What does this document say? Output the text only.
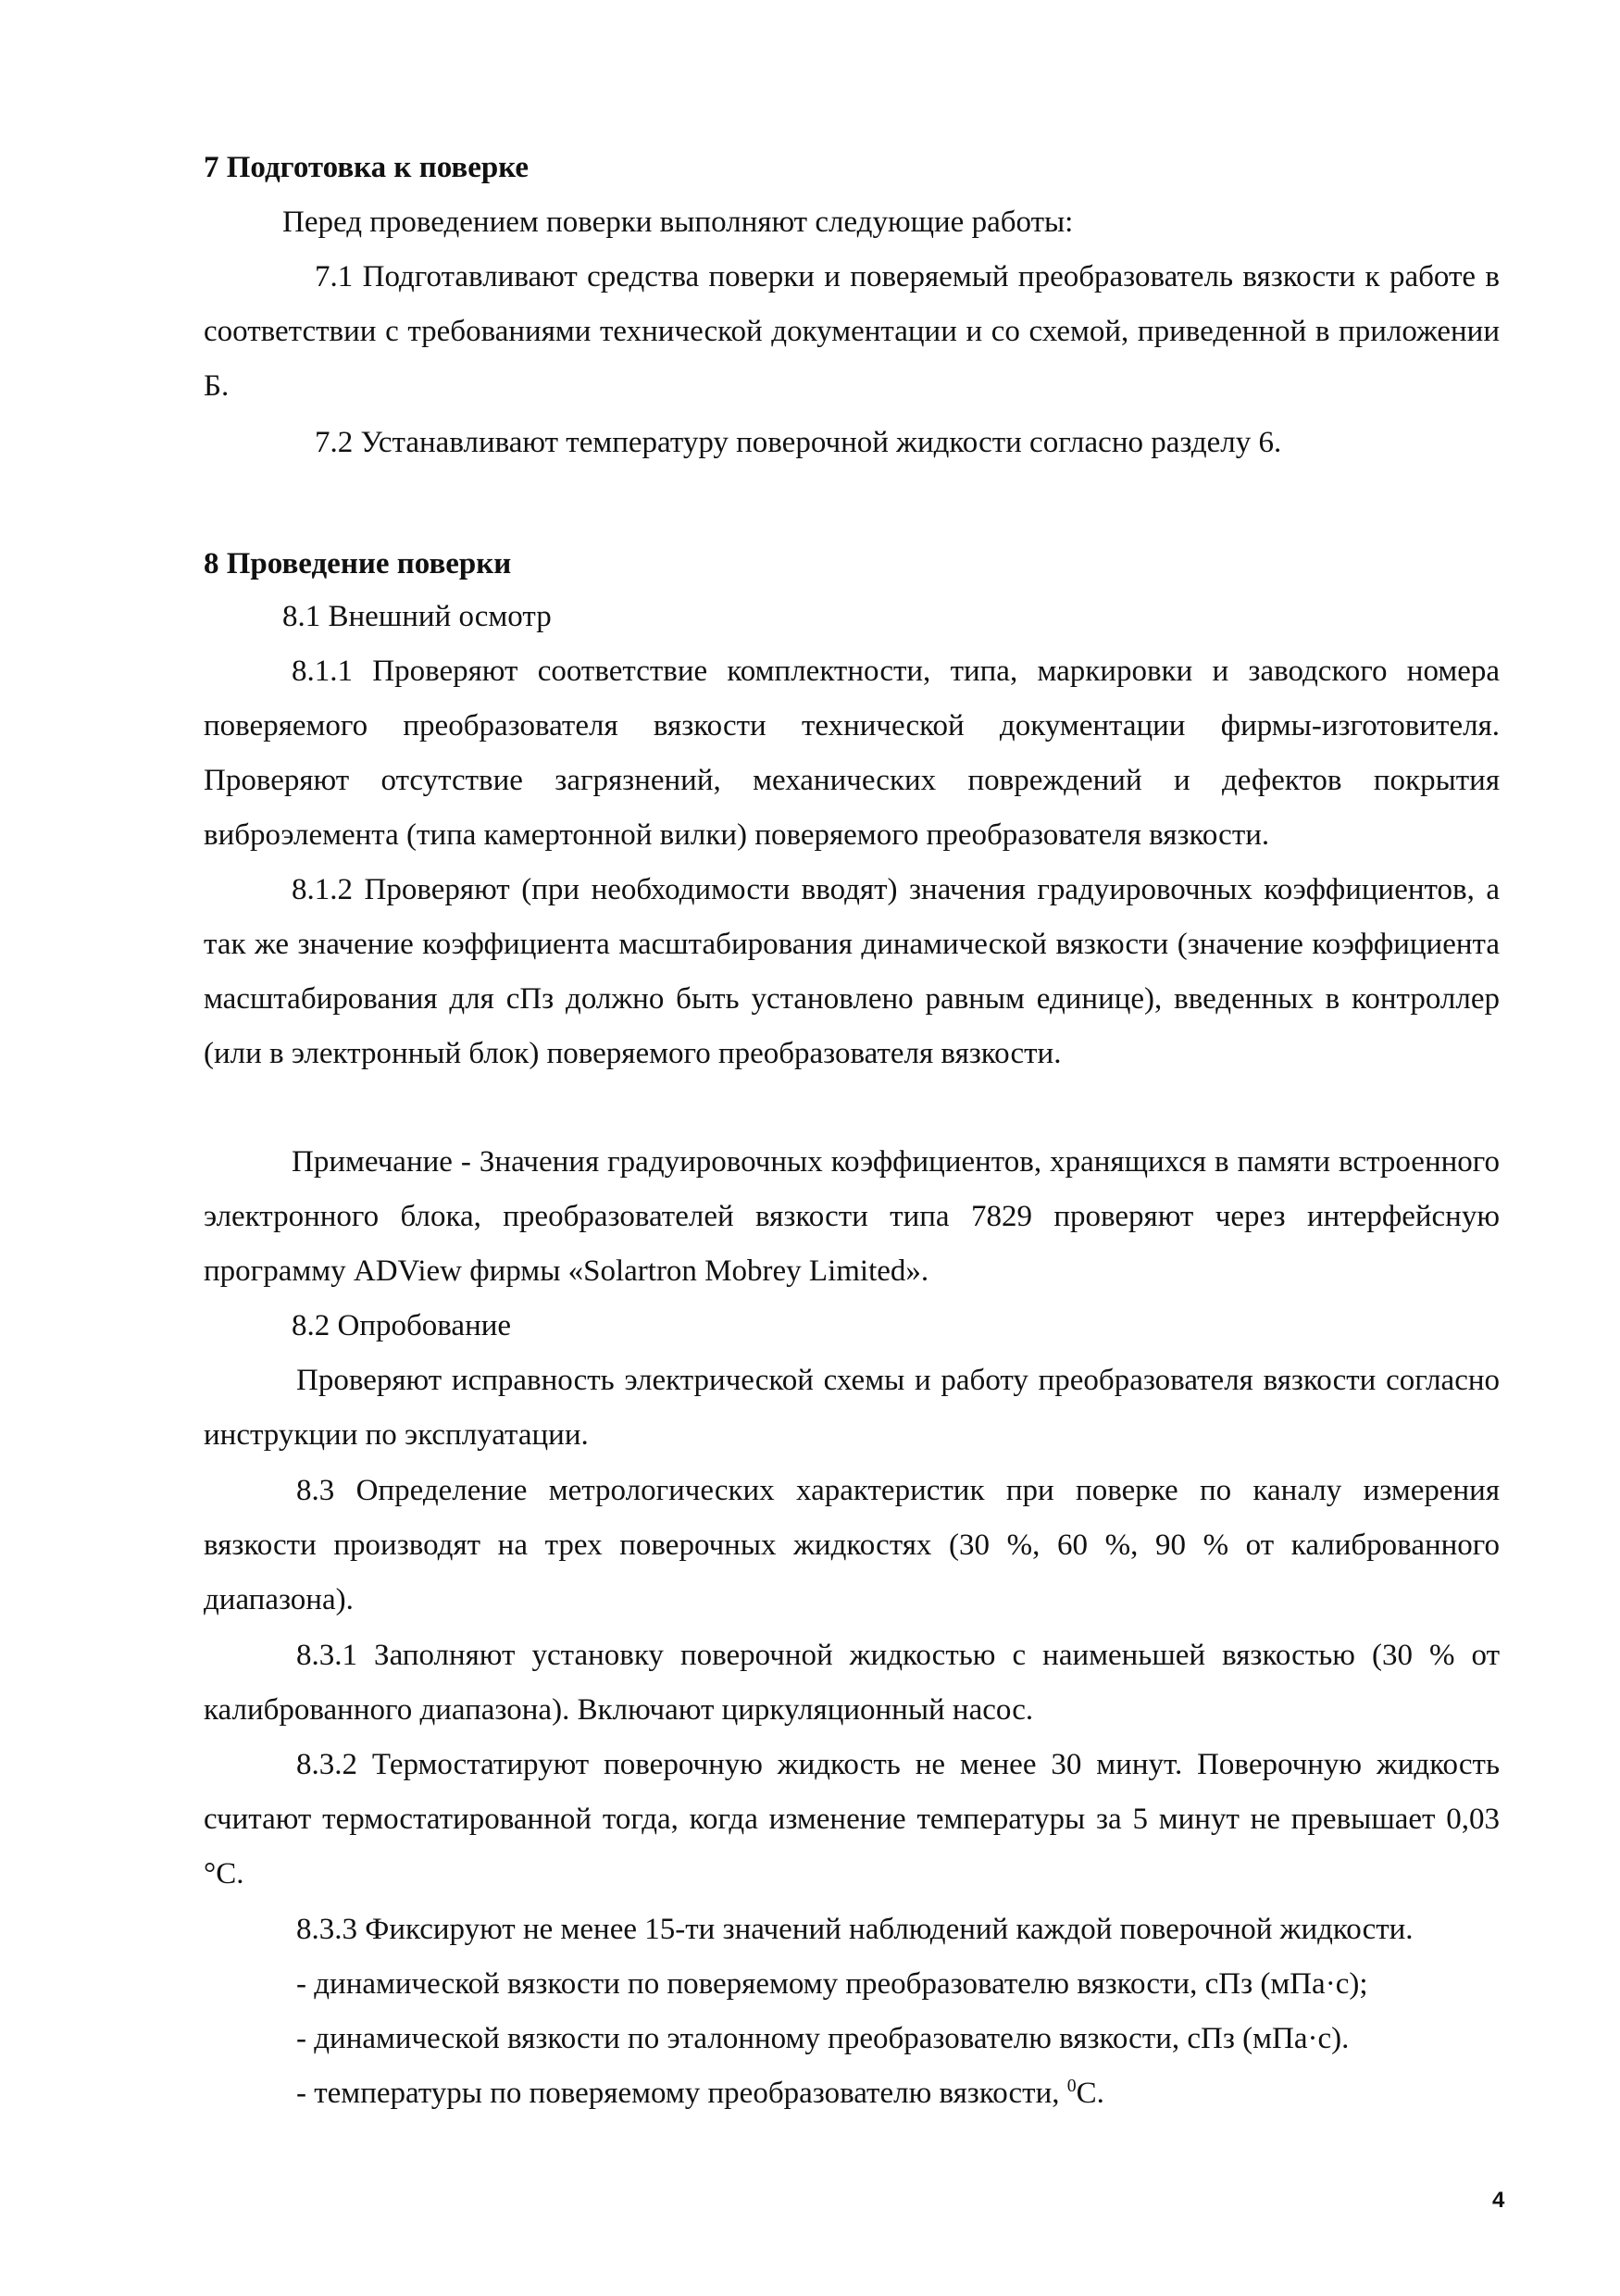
7 Подготовка к поверке
Перед проведением поверки выполняют следующие работы:
7.1 Подготавливают средства поверки и поверяемый преобразователь вязкости к работе в соответствии с требованиями технической документации и со схемой, приведенной в приложении Б.
7.2 Устанавливают температуру поверочной жидкости согласно разделу 6.
8 Проведение поверки
8.1 Внешний осмотр
8.1.1 Проверяют соответствие комплектности, типа, маркировки и заводского номера поверяемого преобразователя вязкости технической документации фирмы-изготовителя. Проверяют отсутствие загрязнений, механических повреждений и дефектов покрытия виброэлемента (типа камертонной вилки) поверяемого преобразователя вязкости.
8.1.2 Проверяют (при необходимости вводят) значения градуировочных коэффициентов, а так же значение коэффициента масштабирования динамической вязкости (значение коэффициента масштабирования для сПз должно быть установлено равным единице), введенных в контроллер (или в электронный блок) поверяемого преобразователя вязкости.
Примечание - Значения градуировочных коэффициентов, хранящихся в памяти встроенного электронного блока, преобразователей вязкости типа 7829 проверяют через интерфейсную программу ADView фирмы «Solartron Mobrey Limited».
8.2 Опробование
Проверяют исправность электрической схемы и работу преобразователя вязкости согласно инструкции по эксплуатации.
8.3 Определение метрологических характеристик при поверке по каналу измерения вязкости производят на трех поверочных жидкостях (30 %, 60 %, 90 % от калиброванного диапазона).
8.3.1 Заполняют установку поверочной жидкостью с наименьшей вязкостью (30 % от калиброванного диапазона). Включают циркуляционный насос.
8.3.2 Термостатируют поверочную жидкость не менее 30 минут. Поверочную жидкость считают термостатированной тогда, когда изменение температуры за 5 минут не превышает 0,03 °С.
8.3.3 Фиксируют не менее 15-ти значений наблюдений каждой поверочной жидкости.
- динамической вязкости по поверяемому преобразователю вязкости, сПз (мПа·с);
- динамической вязкости по эталонному преобразователю вязкости, сПз (мПа·с).
- температуры по поверяемому преобразователю вязкости, $^0$С.
4
